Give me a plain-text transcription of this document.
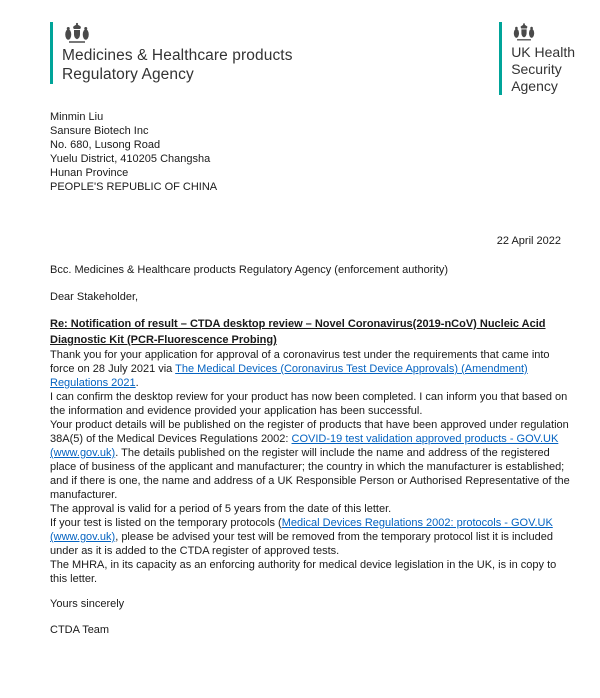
Medicines & Healthcare products
Regulatory Agency
UK Health
Security
Agency
Minmin Liu
Sansure Biotech Inc
No. 680, Lusong Road
Yuelu District, 410205 Changsha
Hunan Province
PEOPLE'S REPUBLIC OF CHINA
22 April 2022
Bcc. Medicines & Healthcare products Regulatory Agency (enforcement authority)
Dear Stakeholder,
Re: Notification of result – CTDA desktop review – Novel Coronavirus(2019-nCoV) Nucleic Acid Diagnostic Kit (PCR-Fluorescence Probing)

Thank you for your application for approval of a coronavirus test under the requirements that came into force on 28 July 2021 via The Medical Devices (Coronavirus Test Device Approvals) (Amendment) Regulations 2021.

I can confirm the desktop review for your product has now been completed. I can inform you that based on the information and evidence provided your application has been successful.

Your product details will be published on the register of products that have been approved under regulation 38A(5) of the Medical Devices Regulations 2002: COVID-19 test validation approved products - GOV.UK (www.gov.uk). The details published on the register will include the name and address of the registered place of business of the applicant and manufacturer; the country in which the manufacturer is established; and if there is one, the name and address of a UK Responsible Person or Authorised Representative of the manufacturer.

The approval is valid for a period of 5 years from the date of this letter.

If your test is listed on the temporary protocols (Medical Devices Regulations 2002: protocols - GOV.UK (www.gov.uk), please be advised your test will be removed from the temporary protocol list it is included under as it is added to the CTDA register of approved tests.

The MHRA, in its capacity as an enforcing authority for medical device legislation in the UK, is in copy to this letter.

Yours sincerely
CTDA Team
